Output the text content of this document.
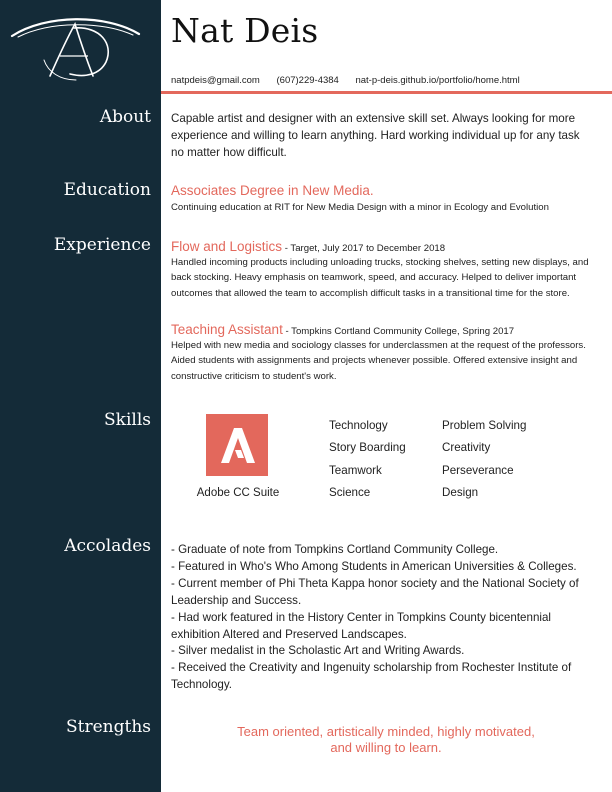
About
Education
Experience
Skills
Accolades
Strengths
Nat Deis
natpdeis@gmail.com (607)229-4384 nat-p-deis.github.io/portfolio/home.html
Capable artist and designer with an extensive skill set. Always looking for more experience and willing to learn anything. Hard working individual up for any task no matter how difficult.
Associates Degree in New Media.
Continuing education at RIT for New Media Design with a minor in Ecology and Evolution
Flow and Logistics - Target, July 2017 to December 2018
Handled incoming products including unloading trucks, stocking shelves, setting new displays, and back stocking. Heavy emphasis on teamwork, speed, and accuracy. Helped to deliver important outcomes that allowed the team to accomplish difficult tasks in a transitional time for the store.
Teaching Assistant - Tompkins Cortland Community College, Spring 2017
Helped with new media and sociology classes for underclassmen at the request of the professors. Aided students with assignments and projects whenever possible. Offered extensive insight and constructive criticism to student's work.
Adobe CC Suite
Technology
Story Boarding
Teamwork
Science
Problem Solving
Creativity
Perseverance
Design
- Graduate of note from Tompkins Cortland Community College.
- Featured in Who's Who Among Students in American Universities & Colleges.
- Current member of Phi Theta Kappa honor society and the National Society of Leadership and Success.
- Had work featured in the History Center in Tompkins County bicentennial exhibition Altered and Preserved Landscapes.
- Silver medalist in the Scholastic Art and Writing Awards.
- Received the Creativity and Ingenuity scholarship from Rochester Institute of Technology.
Team oriented, artistically minded, highly motivated, and willing to learn.
